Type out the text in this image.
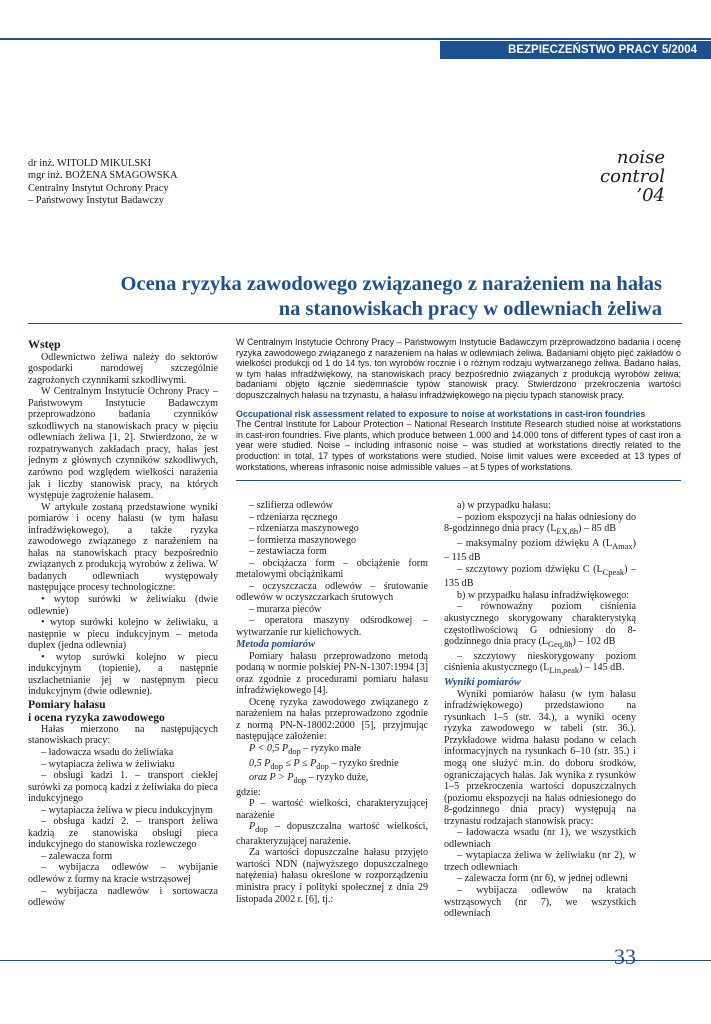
BEZPIECZEŃSTWO PRACY 5/2004
dr inż. WITOLD MIKULSKI
mgr inż. BOŻENA SMAGOWSKA
Centralny Instytut Ochrony Pracy
– Państwowy Instytut Badawczy
noise
control
’04
Ocena ryzyka zawodowego związanego z narażeniem na hałas
na stanowiskach pracy w odlewniach żeliwa

W Centralnym Instytucie Ochrony Pracy – Państwowym Instytucie Badawczym przeprowadzono badania i ocenę ryzyka zawodowego związanego z narażeniem na hałas w odlewniach żeliwa. Badaniami objęto pięć zakładów o wielkości produkcji od 1 do 14 tys. ton wyrobów rocznie i o różnym rodzaju wytwarzanego żeliwa. Badano hałas, w tym hałas infradźwiękowy, na stanowiskach pracy bezpośrednio związanych z produkcją wyrobów żeliwa; badaniami objęto łącznie siedemnaście typów stanowisk pracy. Stwierdzono przekroczenia wartości dopuszczalnych hałasu na trzynastu, a hałasu infradźwiękowego na pięciu typach stanowisk pracy.

Occupational risk assessment related to exposure to noise at workstations in cast-iron foundries

The Central Institute for Labour Protection – National Research Institute Research studied noise at workstations in cast-iron foundries. Five plants, which produce between 1.000 and 14.000 tons of different types of cast iron a year were studied. Noise – including infrasonic noise – was studied at workstations directly related to the production: in total, 17 types of workstations were studied. Noise limit values were exceeded at 13 types of workstations, whereas infrasonic noise admissible values – at 5 types of workstations.

Wstęp

Odlewnictwo żeliwa należy do sektorów gospodarki narodowej szczególnie zagrożonych czynnikami szkodliwymi.

W Centralnym Instytucie Ochrony Pracy – Państwowym Instytucie Badawczym przeprowadzono badania czynników szkodliwych na stanowiskach pracy w pięciu odlewniach żeliwa [1, 2]. Stwierdzono, że w rozpatrywanych zakładach pracy, hałas jest jednym z głównych czynników szkodliwych, zarówno pod względem wielkości narażenia jak i liczby stanowisk pracy, na których występuje zagrożenie hałasem.

W artykule zostaną przedstawione wyniki pomiarów i oceny hałasu (w tym hałasu infradźwiękowego), a także ryzyka zawodowego związanego z narażeniem na hałas na stanowiskach pracy bezpośrednio związanych z produkcją wyrobów z żeliwa. W badanych odlewniach występowały następujące procesy technologiczne:

• wytop surówki w żeliwiaku (dwie odlewnie)

• wytop surówki kolejno w żeliwiaku, a następnie w piecu indukcyjnym – metoda duplex (jedna odlewnia)

• wytop surówki kolejno w piecu indukcyjnym (topienie), a następnie uszlachetnianie jej w następnym piecu indukcyjnym (dwie odlewnie).

Pomiary hałasu
i ocena ryzyka zawodowego

Hałas mierzono na następujących stanowiskach pracy:

– ładowacza wsadu do żeliwiaka

– wytapiacza żeliwa w żeliwiaku

– obsługi kadzi 1. – transport ciekłej surówki za pomocą kadzi z żeliwiaka do pieca indukcyjnego

– wytapiacza żeliwa w piecu indukcyjnym

– obsługa kadzi 2. – transport żeliwa kadzią ze stanowiska obsługi pieca indukcyjnego do stanowiska rozlewczego

– zalewacza form

– wybijacza odlewów – wybijanie odlewów z formy na kracie wstrząsowej

– wybijacza nadlewów i sortowacza odlewów

– szlifierza odlewów

– rdzeniarza ręcznego

– rdzeniarza maszynowego

– formierza maszynowego

– zestawiacza form

– obciążacza form – obciążenie form metalowymi obciążnikami

– oczyszczacza odlewów – śrutowanie odlewów w oczyszczarkach śrutowych

– murarza pieców

– operatora maszyny odśrodkowej – wytwarzanie rur kielichowych.

Metoda pomiarów

Pomiary hałasu przeprowadzono metodą podaną w normie polskiej PN-N-1307:1994 [3] oraz zgodnie z procedurami pomiaru hałasu infradźwiękowego [4].

Ocenę ryzyka zawodowego związanego z narażeniem na hałas przeprowadzono zgodnie z normą PN-N-18002:2000 [5], przyjmując następujące założenie:

P < 0,5 $P_{dop}$ – ryzyko małe

0,5 $P_{dop} \le P \le P_{dop}$ – ryzyko średnie

oraz $P > P_{dop}$ – ryzyko duże,

gdzie:

P – wartość wielkości, charakteryzującej narażenie

$P_{dop}$ – dopuszczalna wartość wielkości, charakteryzującej narażenie.

Za wartości dopuszczalne hałasu przyjęto wartości NDN (najwyższego dopuszczalnego natężenia) hałasu określone w rozporządzeniu ministra pracy i polityki społecznej z dnia 29 listopada 2002 r. [6], tj.:

a) w przypadku hałasu:

– poziom ekspozycji na hałas odniesiony do 8-godzinnego dnia pracy $(L_{EX,8h}) - 85$ dB

– maksymalny poziom dźwięku A $(L_{Amax}) - 115$ dB

– szczytowy poziom dźwięku C $(L_{Cpeak}) - 135$ dB

b) w przypadku hałasu infradźwiękowego:

– równoważny poziom ciśnienia akustycznego skorygowany charakterystyką częstotliwościową G odniesiony do 8-godzinnego dnia pracy $(L_{Geq,8h}) - 102$ dB

– szczytowy nieskorygowany poziom ciśnienia akustycznego $(L_{Lin,peak}) - 145$ dB.

Wyniki pomiarów

Wyniki pomiarów hałasu (w tym hałasu infradźwiękowego) przedstawiono na rysunkach 1–5 (str. 34.), a wyniki oceny ryzyka zawodowego w tabeli (str. 36.). Przykładowe widma hałasu podano w celach informacyjnych na rysunkach 6–10 (str. 35.) i mogą one służyć m.in. do doboru środków, ograniczających hałas. Jak wynika z rysunków 1–5 przekroczenia wartości dopuszczalnych (poziomu ekspozycji na hałas odniesionego do 8-godzinnego dnia pracy) występują na trzynastu rodzajach stanowisk pracy:

– ładowacza wsadu (nr 1), we wszystkich odlewniach

– wytapiacza żeliwa w żeliwiaku (nr 2), w trzech odlewniach

– zalewacza form (nr 6), w jednej odlewni

– wybijacza odlewów na kratach wstrząsowych (nr 7), we wszystkich odlewniach

33
